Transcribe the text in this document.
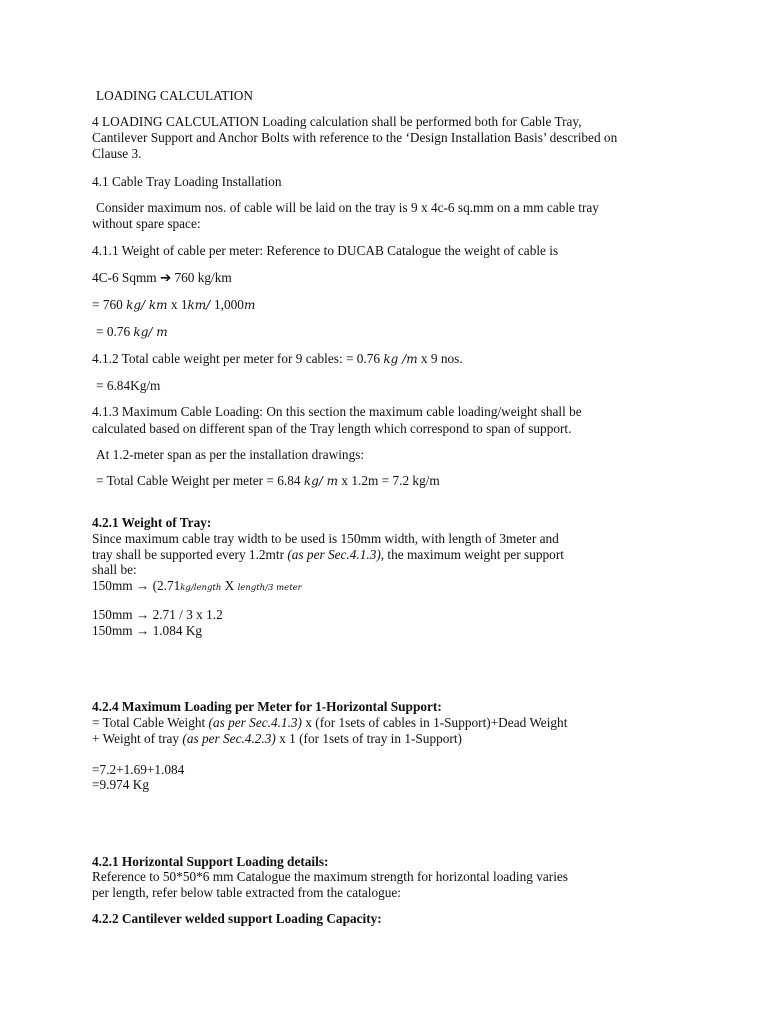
LOADING CALCULATION

4 LOADING CALCULATION Loading calculation shall be performed both for Cable Tray,

Cantilever Support and Anchor Bolts with reference to the ‘Design Installation Basis’ described on

Clause 3.

4.1 Cable Tray Loading Installation

Consider maximum nos. of cable will be laid on the tray is 9 x 4c-6 sq.mm on a mm cable tray

without spare space:

4.1.1 Weight of cable per meter: Reference to DUCAB Catalogue the weight of cable is

4C-6 Sqmm ➔ 760 kg/km

= 760 kg/ km x 1km/ 1,000m

= 0.76 kg/ m

4.1.2 Total cable weight per meter for 9 cables: = 0.76 kg /m x 9 nos.

= 6.84Kg/m

4.1.3 Maximum Cable Loading: On this section the maximum cable loading/weight shall be

calculated based on different span of the Tray length which correspond to span of support.

At 1.2-meter span as per the installation drawings:

= Total Cable Weight per meter = 6.84 kg/ m x 1.2m = 7.2 kg/m

4.2.1 Weight of Tray:

Since maximum cable tray width to be used is 150mm width, with length of 3meter and

tray shall be supported every 1.2mtr (as per Sec.4.1.3), the maximum weight per support

shall be:

150mm → (2.71kg/length X length/3 meter

150mm → 2.71 / 3 x 1.2

150mm → 1.084 Kg

4.2.4 Maximum Loading per Meter for 1-Horizontal Support:

= Total Cable Weight (as per Sec.4.1.3) x (for 1sets of cables in 1-Support)+Dead Weight

+ Weight of tray (as per Sec.4.2.3) x 1 (for 1sets of tray in 1-Support)

=7.2+1.69+1.084

=9.974 Kg

4.2.1 Horizontal Support Loading details:

Reference to 50*50*6 mm Catalogue the maximum strength for horizontal loading varies

per length, refer below table extracted from the catalogue:

4.2.2 Cantilever welded support Loading Capacity:
